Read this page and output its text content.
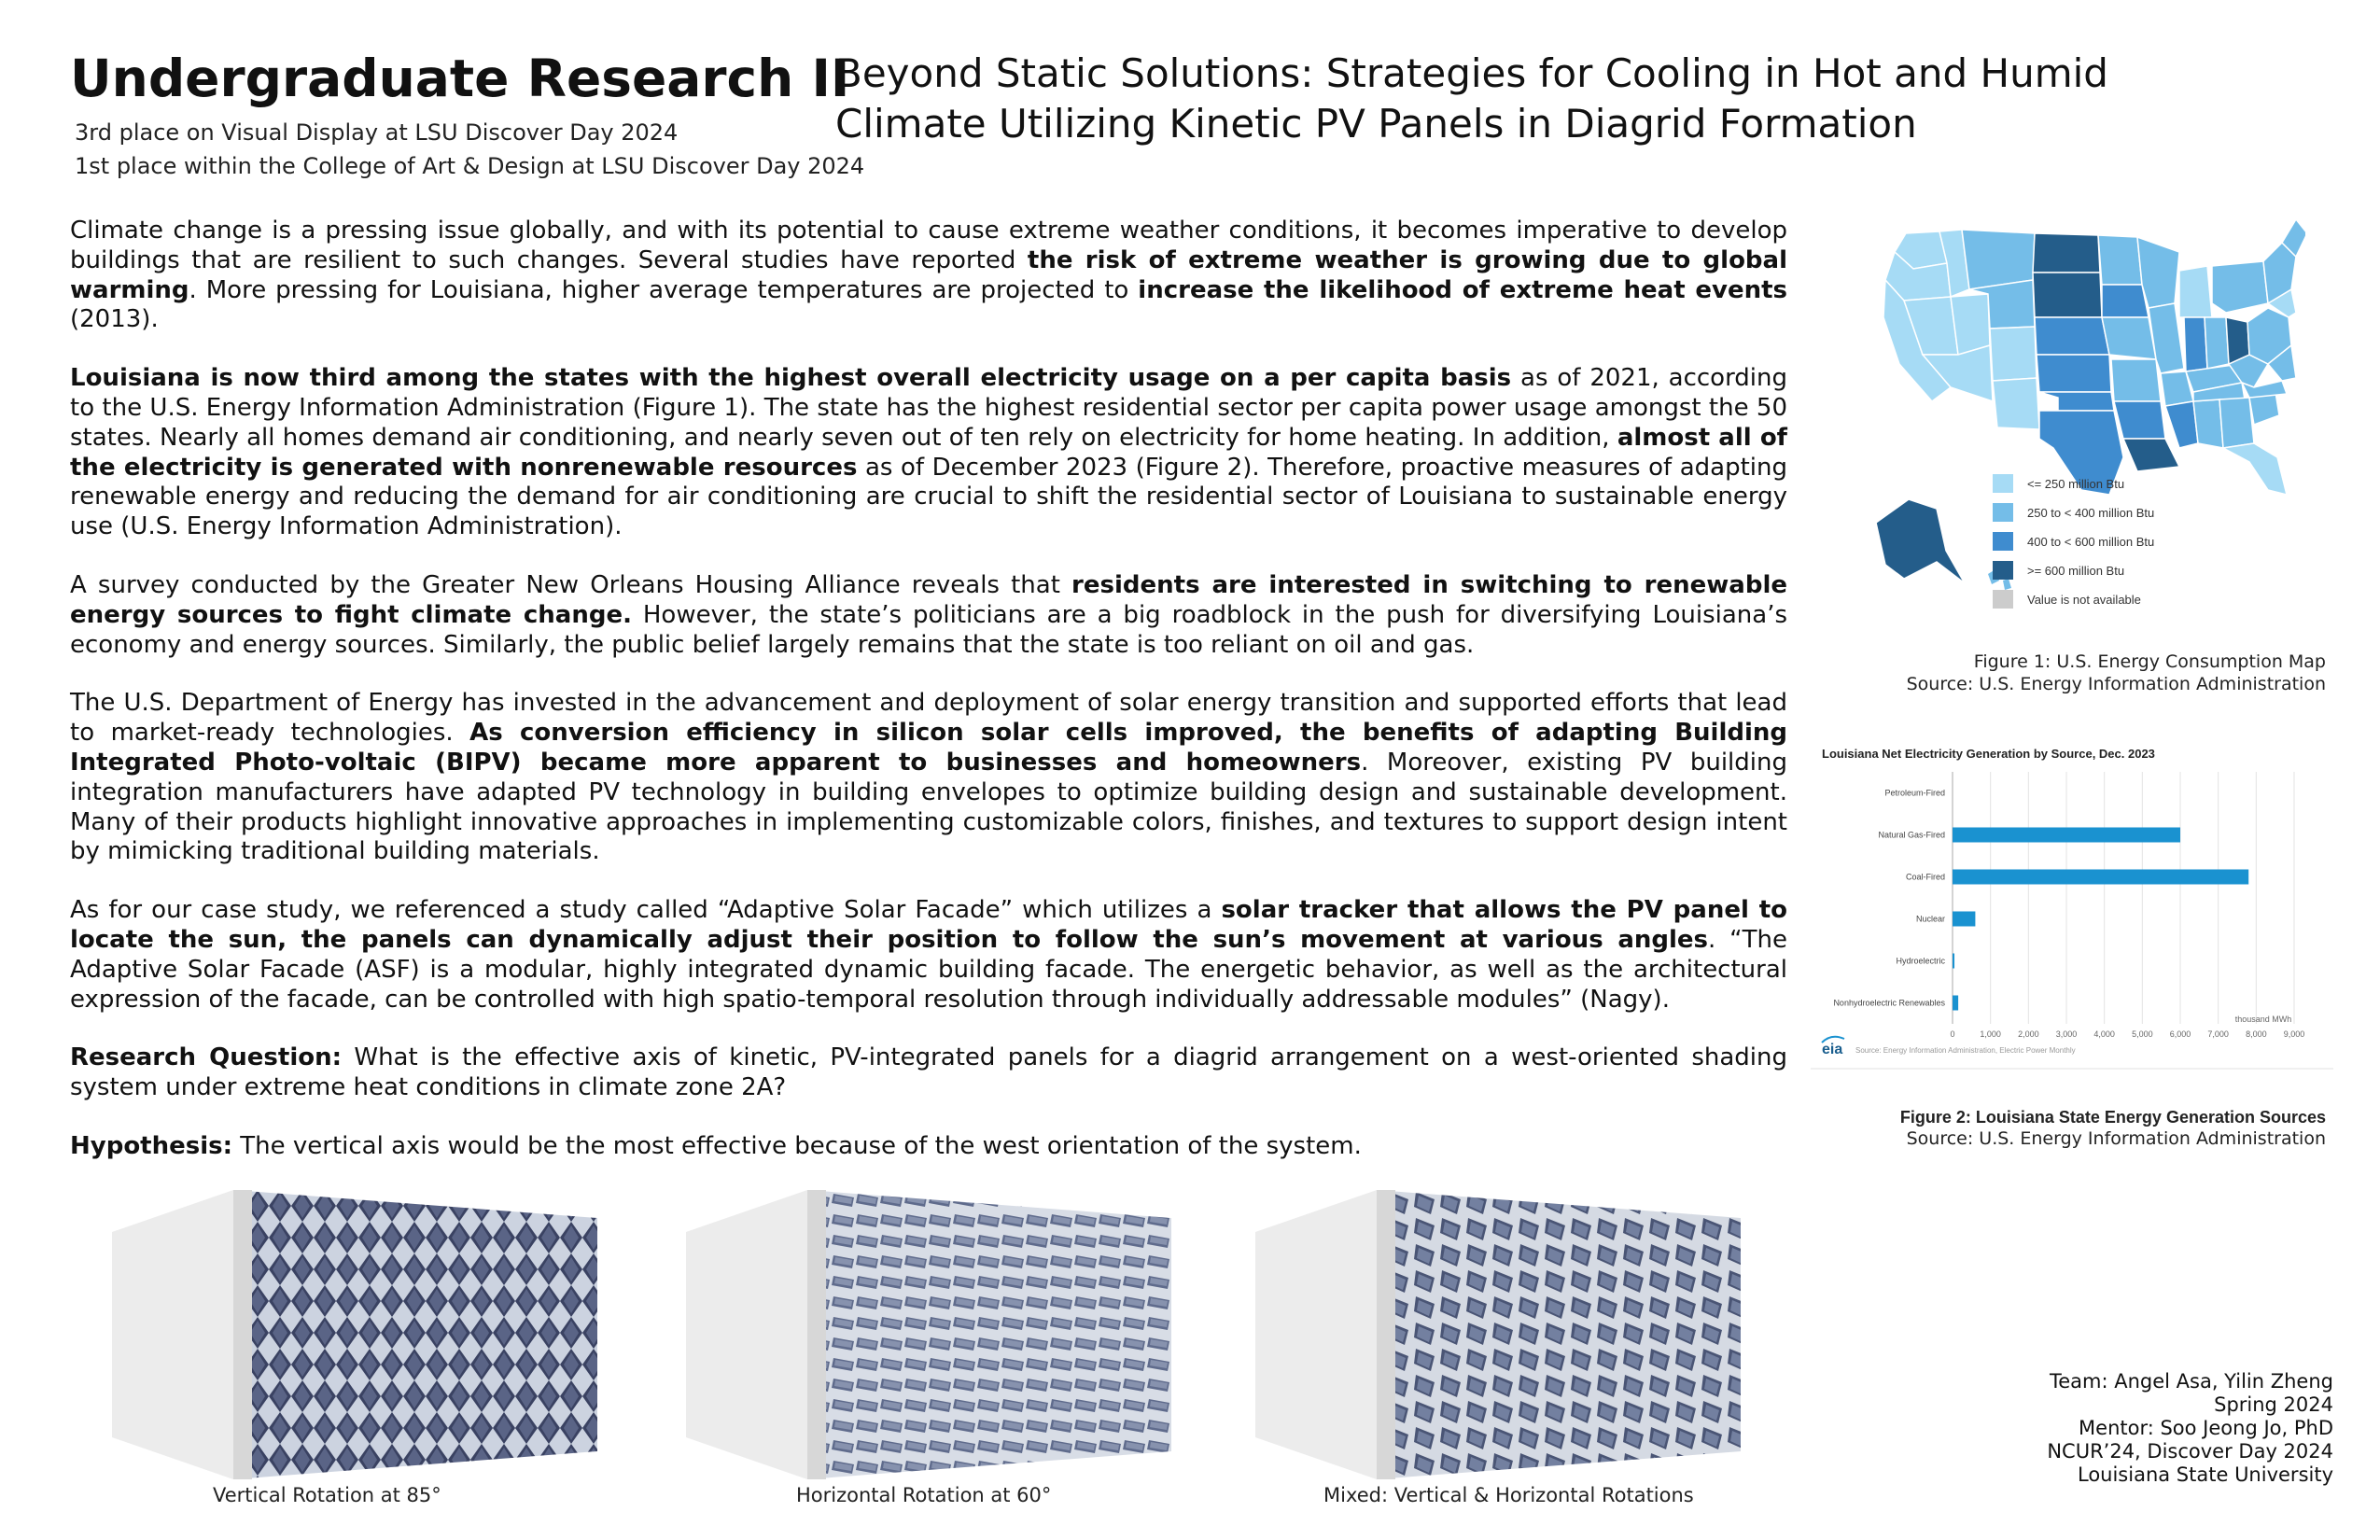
Undergraduate Research II
3rd place on Visual Display at LSU Discover Day 2024
1st place within the College of Art & Design at LSU Discover Day 2024
Beyond Static Solutions: Strategies for Cooling in Hot and Humid
Climate Utilizing Kinetic PV Panels in Diagrid Formation

Climate change is a pressing issue globally, and with its potential to cause extreme weather conditions, it becomes imperative to develop buildings that are resilient to such changes. Several studies have reported the risk of extreme weather is growing due to global warming. More pressing for Louisiana, higher average temperatures are projected to increase the likelihood of extreme heat events (2013).

Louisiana is now third among the states with the highest overall electricity usage on a per capita basis as of 2021, according to the U.S. Energy Information Administration (Figure 1). The state has the highest residential sector per capita power usage amongst the 50 states. Nearly all homes demand air conditioning, and nearly seven out of ten rely on electricity for home heating. In addition, almost all of the electricity is generated with nonrenewable resources as of December 2023 (Figure 2). Therefore, proactive measures of adapting renewable energy and reducing the demand for air conditioning are crucial to shift the residential sector of Louisiana to sustainable energy use (U.S. Energy Information Administration).

A survey conducted by the Greater New Orleans Housing Alliance reveals that residents are interested in switching to renewable energy sources to fight climate change. However, the state’s politicians are a big roadblock in the push for diversifying Louisiana’s economy and energy sources. Similarly, the public belief largely remains that the state is too reliant on oil and gas.

The U.S. Department of Energy has invested in the advancement and deployment of solar energy transition and supported efforts that lead to market-ready technologies. As conversion efficiency in silicon solar cells improved, the benefits of adapting Building Integrated Photo-voltaic (BIPV) became more apparent to businesses and homeowners. Moreover, existing PV building integration manufacturers have adapted PV technology in building envelopes to optimize building design and sustainable development. Many of their products highlight innovative approaches in implementing customizable colors, finishes, and textures to support design intent by mimicking traditional building materials.

As for our case study, we referenced a study called “Adaptive Solar Facade” which utilizes a solar tracker that allows the PV panel to locate the sun, the panels can dynamically adjust their position to follow the sun’s movement at various angles. “The Adaptive Solar Facade (ASF) is a modular, highly integrated dynamic building facade. The energetic behavior, as well as the architectural expression of the facade, can be controlled with high spatio-temporal resolution through individually addressable modules” (Nagy).

Research Question: What is the effective axis of kinetic, PV-integrated panels for a diagrid arrangement on a west-oriented shading system under extreme heat conditions in climate zone 2A?

Hypothesis: The vertical axis would be the most effective because of the west orientation of the system.

<= 250 million Btu
250 to < 400 million Btu
400 to < 600 million Btu
>= 600 million Btu
Value is not available
Figure 1: U.S. Energy Consumption Map
Source: U.S. Energy Information Administration
Louisiana Net Electricity Generation by Source, Dec. 2023
Petroleum-Fired
Natural Gas-Fired
Coal-Fired
Nuclear
Hydroelectric
Nonhydroelectric Renewables
0	1,000 2,000 3,000 4,000 5,000 6,000 7,000 8,000 9,000
thousand MWh
eia Source: Energy Information Administration, Electric Power Monthly
Figure 2: Louisiana State Energy Generation Sources
Source: U.S. Energy Information Administration
Vertical Rotation at 85°	Horizontal Rotation at 60°	Mixed: Vertical & Horizontal Rotations
Team: Angel Asa, Yilin Zheng
Spring 2024
Mentor: Soo Jeong Jo, PhD
NCUR’24, Discover Day 2024
Louisiana State University
